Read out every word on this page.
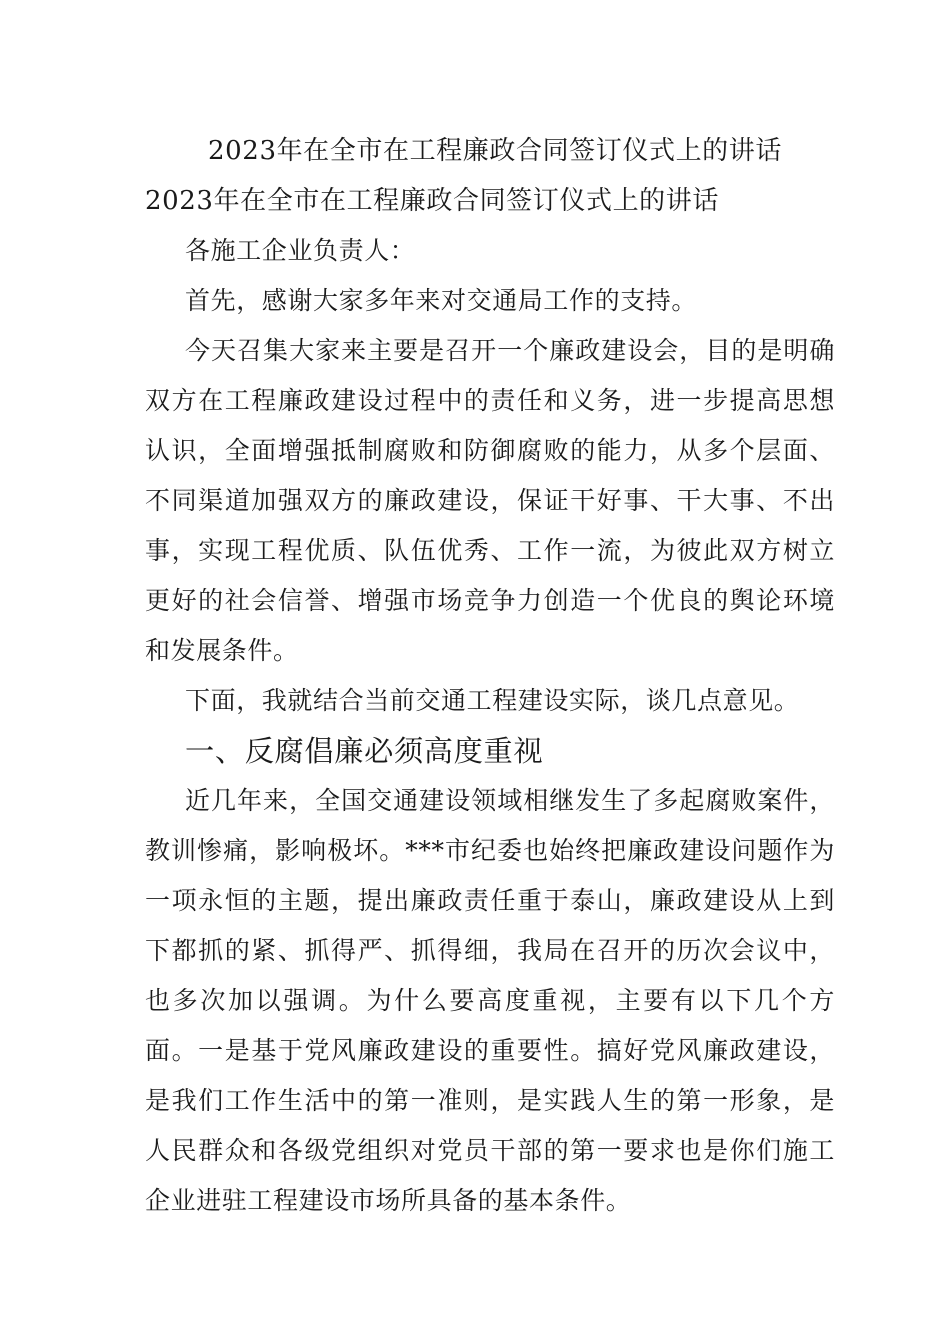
2023年在全市在工程廉政合同签订仪式上的讲话
2023年在全市在工程廉政合同签订仪式上的讲话

各施工企业负责人：

首先，感谢大家多年来对交通局工作的支持。

今天召集大家来主要是召开一个廉政建设会，目的是明确双方在工程廉政建设过程中的责任和义务，进一步提高思想认识，全面增强抵制腐败和防御腐败的能力，从多个层面、不同渠道加强双方的廉政建设，保证干好事、干大事、不出事，实现工程优质、队伍优秀、工作一流，为彼此双方树立更好的社会信誉、增强市场竞争力创造一个优良的舆论环境和发展条件。

下面，我就结合当前交通工程建设实际，谈几点意见。

一、反腐倡廉必须高度重视

近几年来，全国交通建设领域相继发生了多起腐败案件，教训惨痛，影响极坏。***市纪委也始终把廉政建设问题作为一项永恒的主题，提出廉政责任重于泰山，廉政建设从上到下都抓的紧、抓得严、抓得细，我局在召开的历次会议中，也多次加以强调。为什么要高度重视，主要有以下几个方面。一是基于党风廉政建设的重要性。搞好党风廉政建设，是我们工作生活中的第一准则，是实践人生的第一形象，是人民群众和各级党组织对党员干部的第一要求也是你们施工企业进驻工程建设市场所具备的基本条件。
